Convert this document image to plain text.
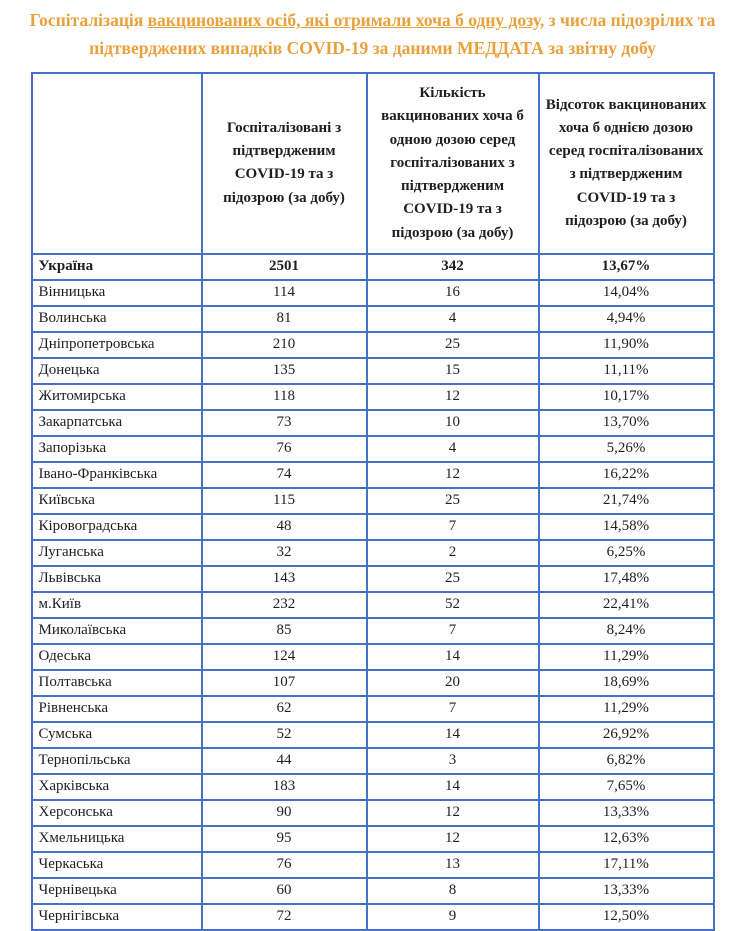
Госпіталізація вакцинованих осіб, які отримали хоча б одну дозу, з числа підозрілих та підтверджених випадків COVID-19 за даними МЕДДАТА за звітну добу
	Госпіталізовані з підтвердженим COVID-19 та з підозрою (за добу)	Кількість вакцинованих хоча б одною дозою серед госпіталізованих з підтвердженим COVID-19 та з підозрою (за добу)	Відсоток вакцинованих хоча б однією дозою серед госпіталізованих з підтвердженим COVID-19 та з підозрою (за добу)
Україна	2501	342	13,67%
Вінницька	114	16	14,04%
Волинська	81	4	4,94%
Дніпропетровська	210	25	11,90%
Донецька	135	15	11,11%
Житомирська	118	12	10,17%
Закарпатська	73	10	13,70%
Запорізька	76	4	5,26%
Івано-Франківська	74	12	16,22%
Київська	115	25	21,74%
Кіровоградська	48	7	14,58%
Луганська	32	2	6,25%
Львівська	143	25	17,48%
м.Київ	232	52	22,41%
Миколаївська	85	7	8,24%
Одеська	124	14	11,29%
Полтавська	107	20	18,69%
Рівненська	62	7	11,29%
Сумська	52	14	26,92%
Тернопільська	44	3	6,82%
Харківська	183	14	7,65%
Херсонська	90	12	13,33%
Хмельницька	95	12	12,63%
Черкаська	76	13	17,11%
Чернівецька	60	8	13,33%
Чернігівська	72	9	12,50%
